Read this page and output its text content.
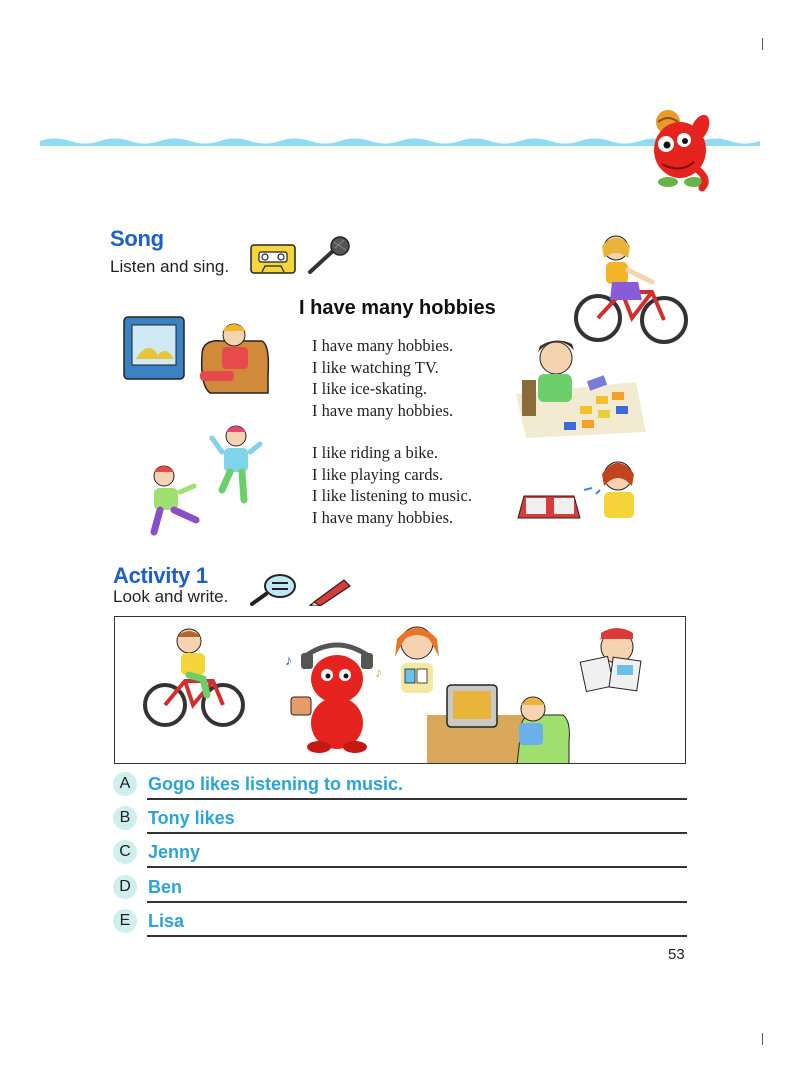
Song
Listen and sing.
I have many hobbies
I have many hobbies.
I like watching TV.
I like ice-skating.
I have many hobbies.
I like riding a bike.
I like playing cards.
I like listening to music.
I have many hobbies.
Activity 1
Look and write.
♪
♪
A Gogo likes listening to music.
B Tony likes
C Jenny
D Ben
E Lisa
53
